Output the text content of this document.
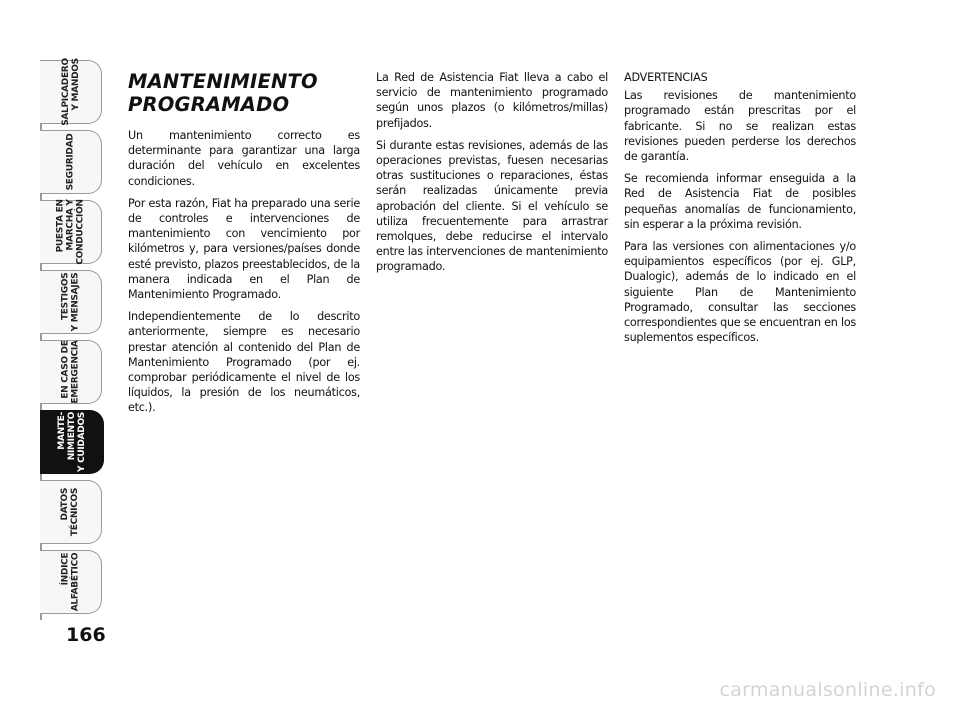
SALPICADERO
Y MANDOS
SEGURIDAD
PUESTA EN
MARCHA Y
CONDUCCIÓN
TESTIGOS
Y MENSAJES
EN CASO DE
EMERGENCIA
MANTE-
NIMIENTO
Y CUIDADOS
DATOS
TÉCNICOS
ÍNDICE
ALFABÉTICO
166
MANTENIMIENTO PROGRAMADO

Un mantenimiento correcto es determinante para garantizar una larga duración del vehículo en excelentes condiciones.

Por esta razón, Fiat ha preparado una serie de controles e intervenciones de mantenimiento con vencimiento por kilómetros y, para versiones/países donde esté previsto, plazos preestablecidos, de la manera indicada en el Plan de Mantenimiento Programado.

Independientemente de lo descrito anteriormente, siempre es necesario prestar atención al contenido del Plan de Mantenimiento Programado (por ej. comprobar periódicamente el nivel de los líquidos, la presión de los neumáticos, etc.).

La Red de Asistencia Fiat lleva a cabo el servicio de mantenimiento programado según unos plazos (o kilómetros/millas) prefijados.

Si durante estas revisiones, además de las operaciones previstas, fuesen necesarias otras sustituciones o reparaciones, éstas serán realizadas únicamente previa aprobación del cliente. Si el vehículo se utiliza frecuentemente para arrastrar remolques, debe reducirse el intervalo entre las intervenciones de mantenimiento programado.

ADVERTENCIAS

Las revisiones de mantenimiento programado están prescritas por el fabricante. Si no se realizan estas revisiones pueden perderse los derechos de garantía.

Se recomienda informar enseguida a la Red de Asistencia Fiat de posibles pequeñas anomalías de funcionamiento, sin esperar a la próxima revisión.

Para las versiones con alimentaciones y/o equipamientos específicos (por ej. GLP, Dualogic), además de lo indicado en el siguiente Plan de Mantenimiento Programado, consultar las secciones correspondientes que se encuentran en los suplementos específicos.

carmanualsonline.info
